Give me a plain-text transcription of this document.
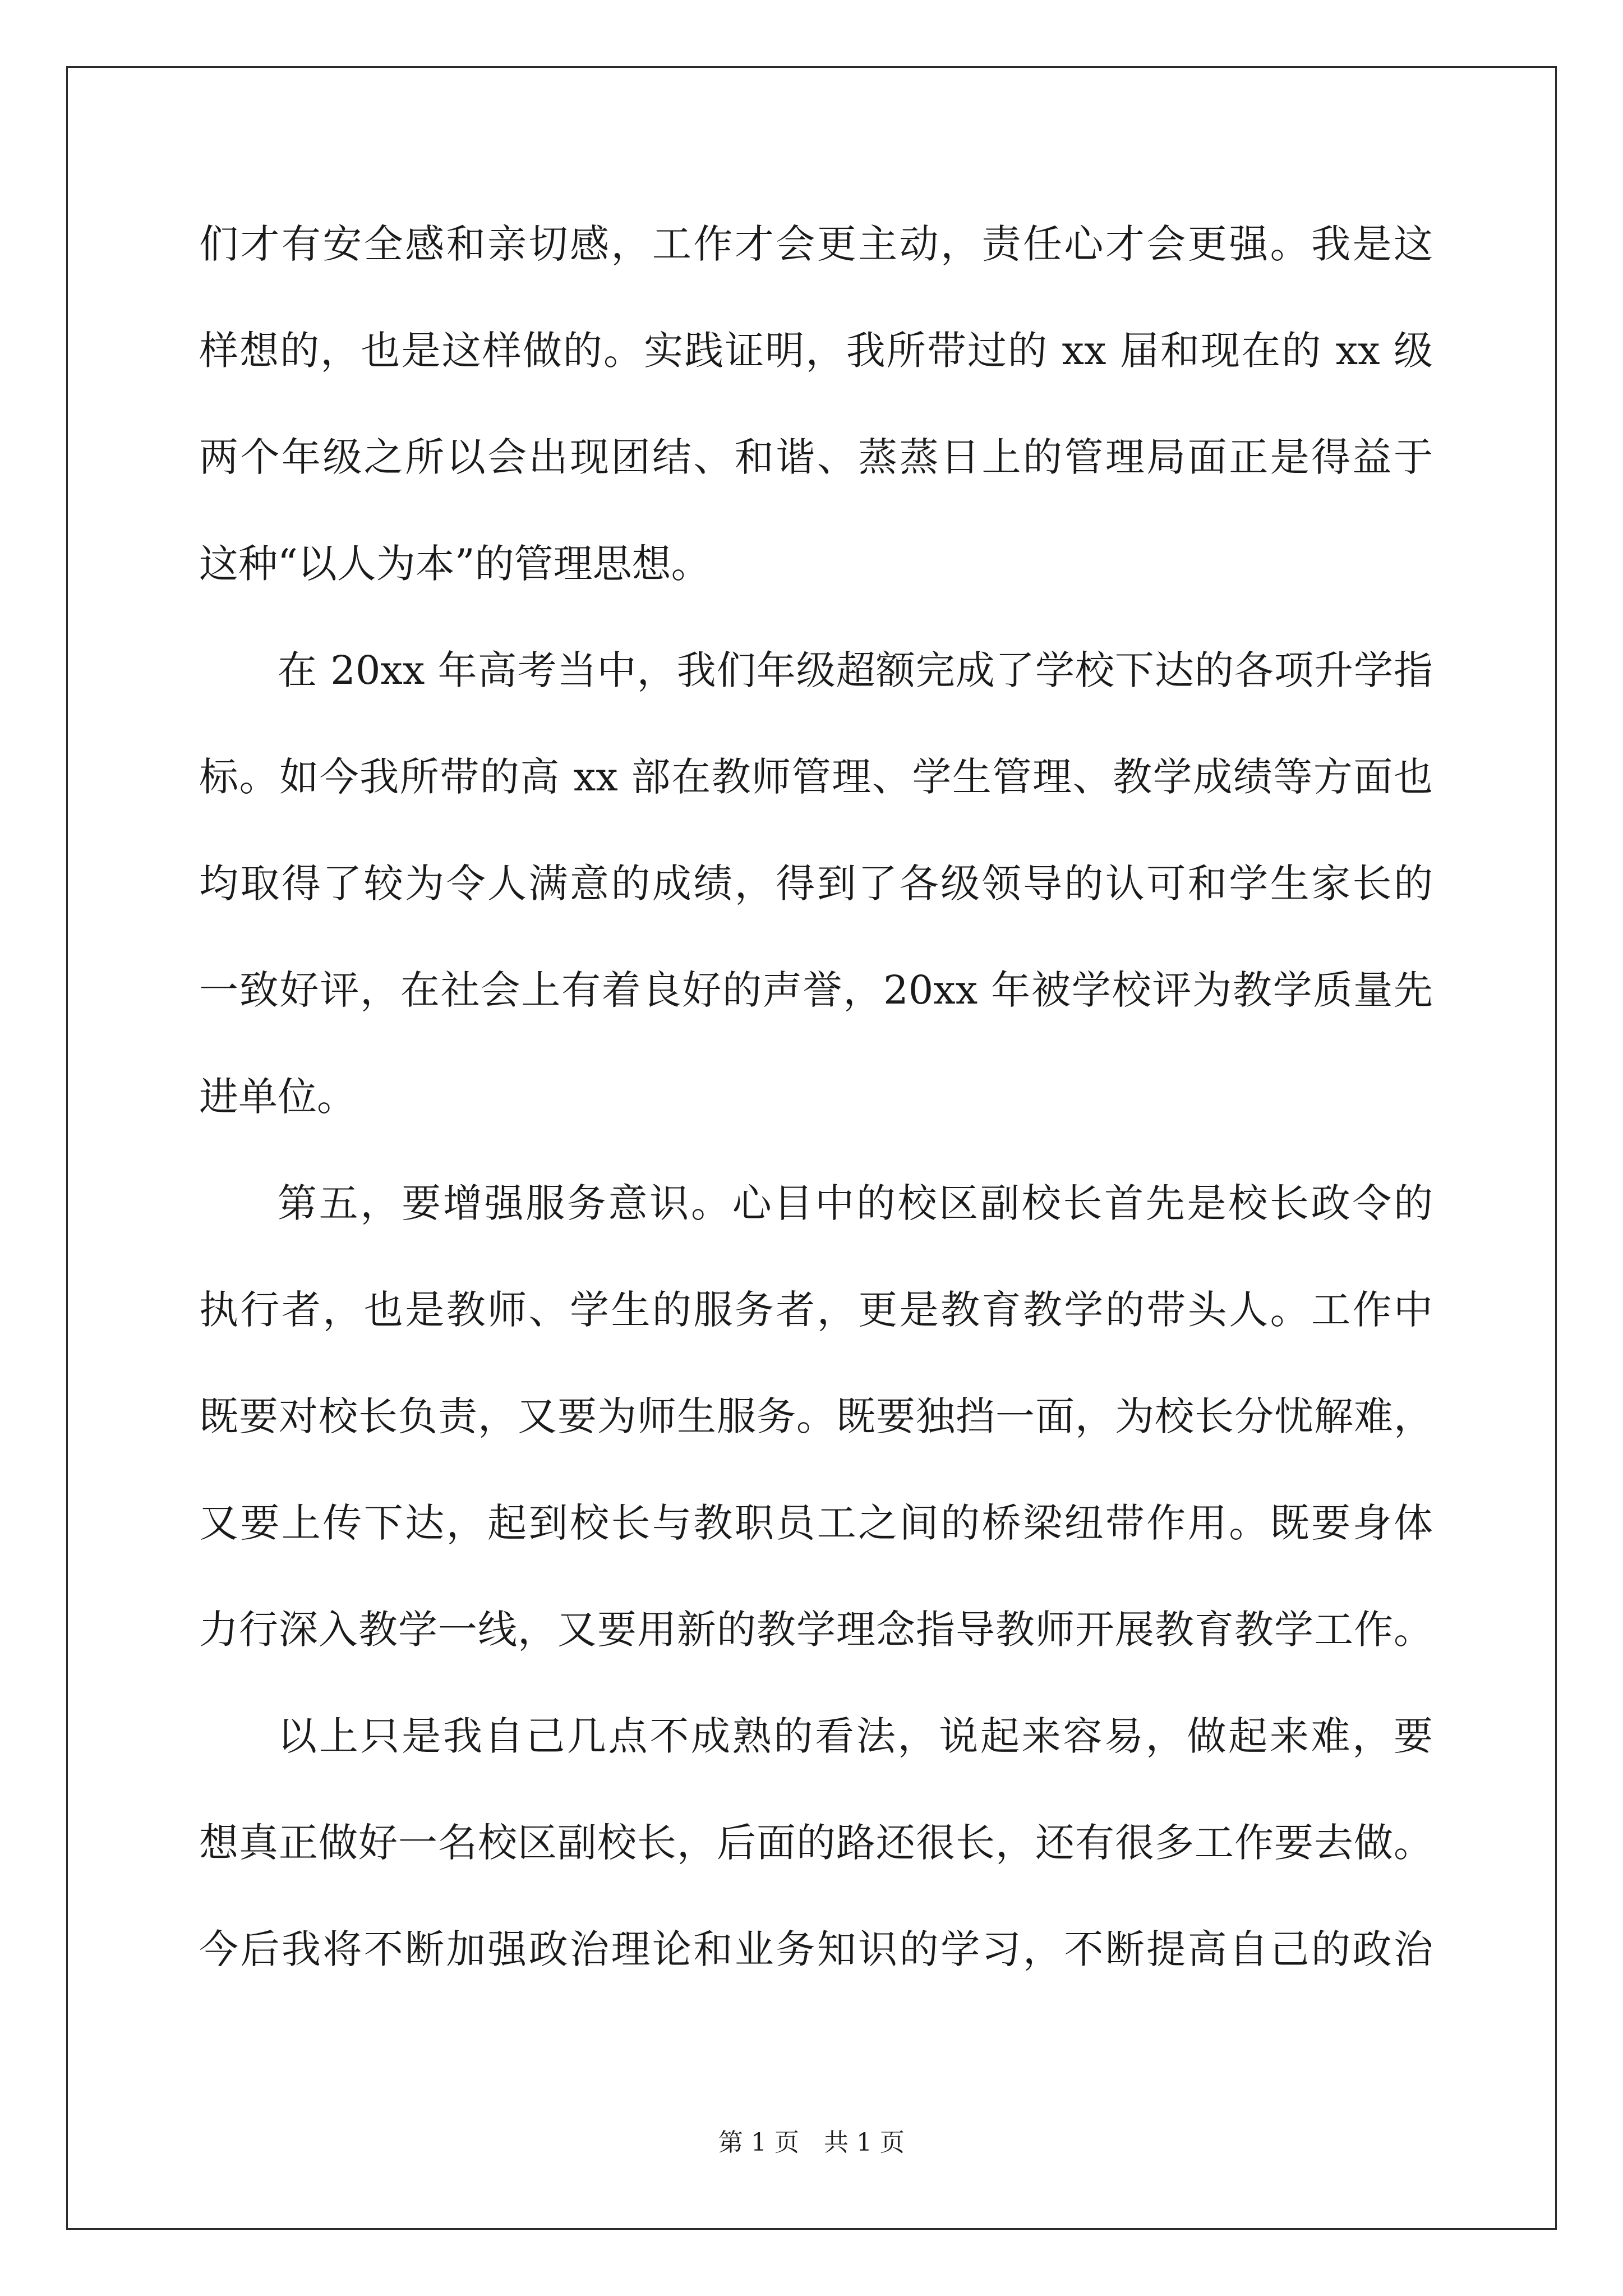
们才有安全感和亲切感，工作才会更主动，责任心才会更强。我是这
样想的，也是这样做的。实践证明，我所带过的 xx 届和现在的 xx 级
两个年级之所以会出现团结、和谐、蒸蒸日上的管理局面正是得益于
这种“以人为本”的管理思想。
在 20xx 年高考当中，我们年级超额完成了学校下达的各项升学指
标。如今我所带的高 xx 部在教师管理、学生管理、教学成绩等方面也
均取得了较为令人满意的成绩，得到了各级领导的认可和学生家长的
一致好评，在社会上有着良好的声誉，20xx 年被学校评为教学质量先
进单位。
第五，要增强服务意识。心目中的校区副校长首先是校长政令的
执行者，也是教师、学生的服务者，更是教育教学的带头人。工作中
既要对校长负责，又要为师生服务。既要独挡一面，为校长分忧解难，
又要上传下达，起到校长与教职员工之间的桥梁纽带作用。既要身体
力行深入教学一线，又要用新的教学理念指导教师开展教育教学工作。
以上只是我自己几点不成熟的看法，说起来容易，做起来难，要
想真正做好一名校区副校长，后面的路还很长，还有很多工作要去做。
今后我将不断加强政治理论和业务知识的学习，不断提高自己的政治
第 1 页 共 1 页
